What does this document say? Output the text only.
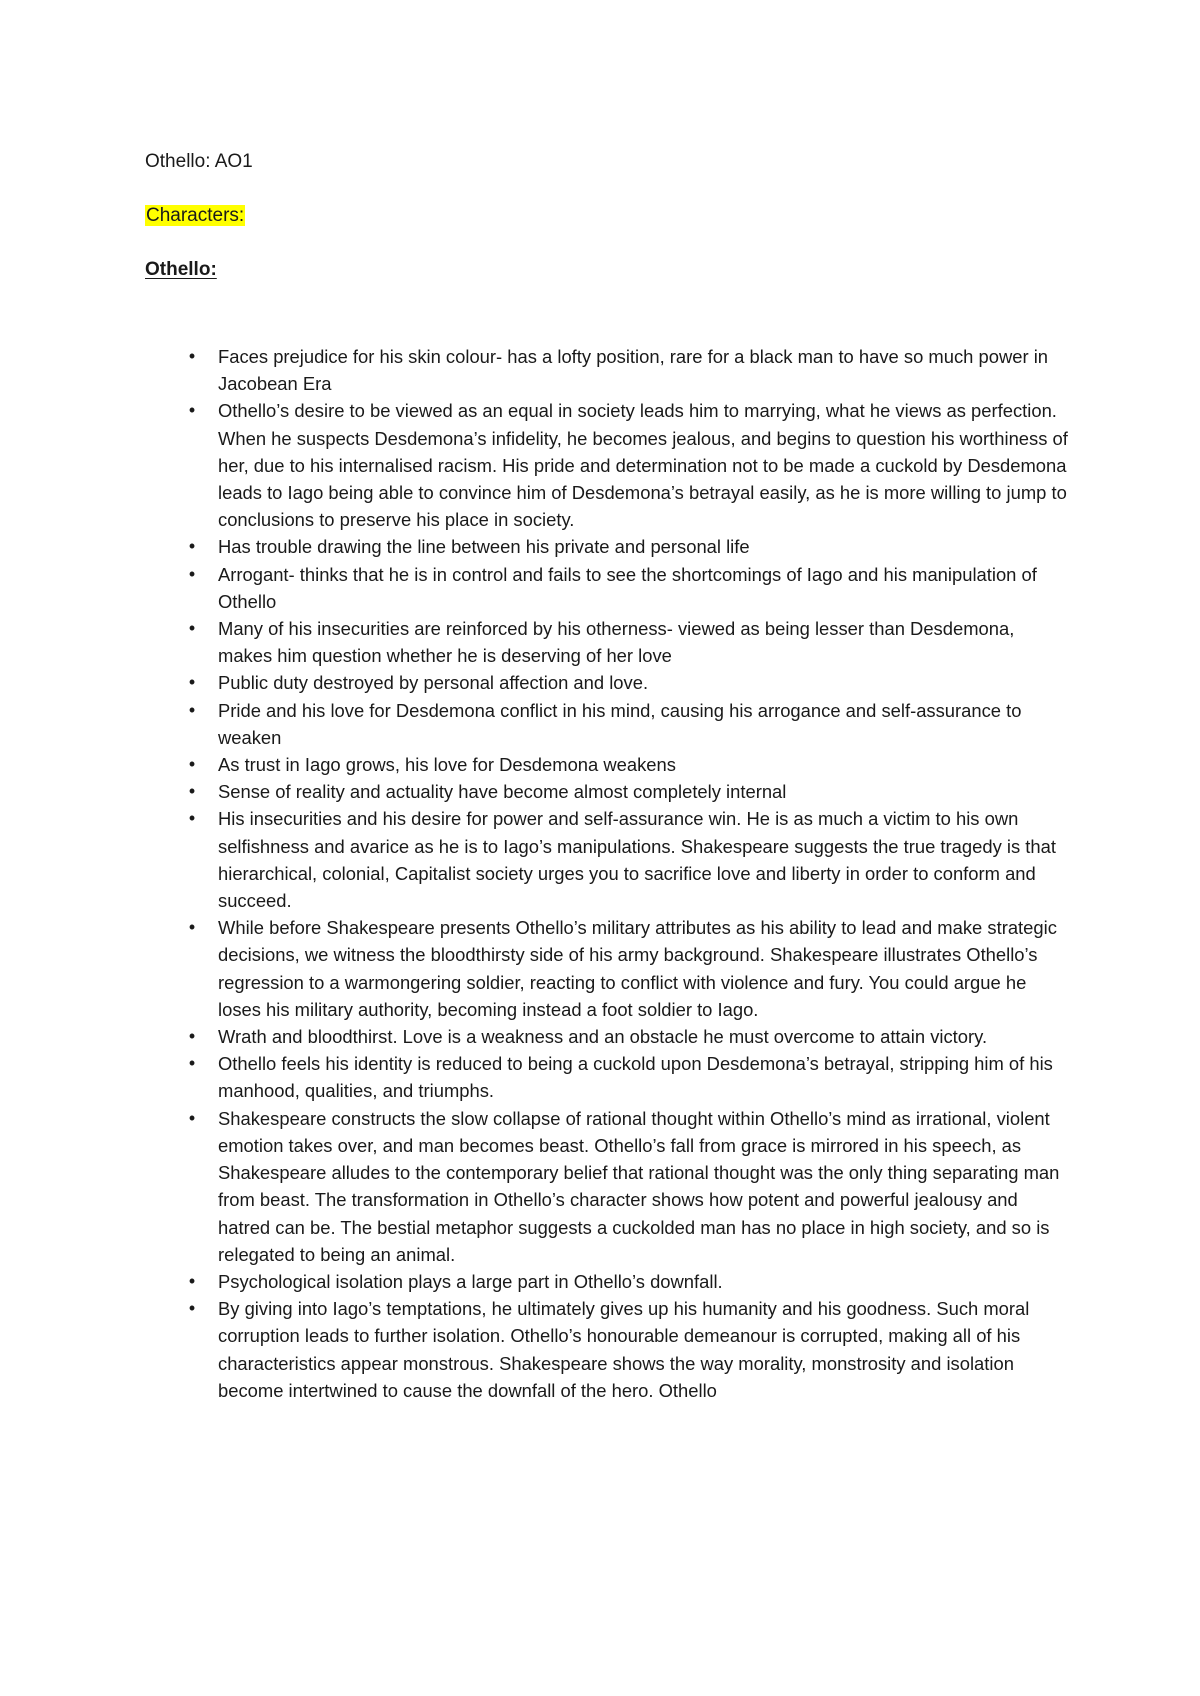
Othello: AO1
Characters:
Othello:
• Faces prejudice for his skin colour- has a lofty position, rare for a black man to have so much power in Jacobean Era
• Othello’s desire to be viewed as an equal in society leads him to marrying, what he views as perfection. When he suspects Desdemona’s infidelity, he becomes jealous, and begins to question his worthiness of her, due to his internalised racism. His pride and determination not to be made a cuckold by Desdemona leads to Iago being able to convince him of Desdemona’s betrayal easily, as he is more willing to jump to conclusions to preserve his place in society.
• Has trouble drawing the line between his private and personal life
• Arrogant- thinks that he is in control and fails to see the shortcomings of Iago and his manipulation of Othello
• Many of his insecurities are reinforced by his otherness- viewed as being lesser than Desdemona, makes him question whether he is deserving of her love
• Public duty destroyed by personal affection and love.
• Pride and his love for Desdemona conflict in his mind, causing his arrogance and self-assurance to weaken
• As trust in Iago grows, his love for Desdemona weakens
• Sense of reality and actuality have become almost completely internal
• His insecurities and his desire for power and self-assurance win. He is as much a victim to his own selfishness and avarice as he is to Iago’s manipulations. Shakespeare suggests the true tragedy is that hierarchical, colonial, Capitalist society urges you to sacrifice love and liberty in order to conform and succeed.
• While before Shakespeare presents Othello’s military attributes as his ability to lead and make strategic decisions, we witness the bloodthirsty side of his army background. Shakespeare illustrates Othello’s regression to a warmongering soldier, reacting to conflict with violence and fury. You could argue he loses his military authority, becoming instead a foot soldier to Iago.
• Wrath and bloodthirst. Love is a weakness and an obstacle he must overcome to attain victory.
• Othello feels his identity is reduced to being a cuckold upon Desdemona’s betrayal, stripping him of his manhood, qualities, and triumphs.
• Shakespeare constructs the slow collapse of rational thought within Othello’s mind as irrational, violent emotion takes over, and man becomes beast. Othello’s fall from grace is mirrored in his speech, as Shakespeare alludes to the contemporary belief that rational thought was the only thing separating man from beast. The transformation in Othello’s character shows how potent and powerful jealousy and hatred can be. The bestial metaphor suggests a cuckolded man has no place in high society, and so is relegated to being an animal.
• Psychological isolation plays a large part in Othello’s downfall.
• By giving into Iago’s temptations, he ultimately gives up his humanity and his goodness. Such moral corruption leads to further isolation. Othello’s honourable demeanour is corrupted, making all of his characteristics appear monstrous. Shakespeare shows the way morality, monstrosity and isolation become intertwined to cause the downfall of the hero. Othello
